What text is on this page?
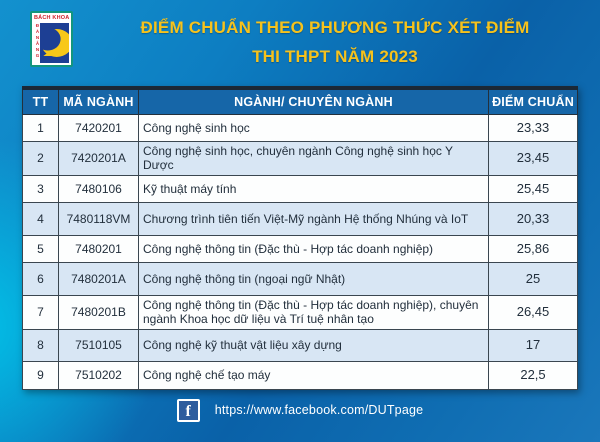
BÁCH KHOA
ĐÀNẴNG	ĐIỂM CHUẨN THEO PHƯƠNG THỨC XÉT ĐIỂM
THI THPT NĂM 2023
TT	MÃ NGÀNH	NGÀNH/ CHUYÊN NGÀNH	ĐIỂM CHUẨN
1	7420201	Công nghệ sinh học	23,33
2	7420201A	Công nghệ sinh học, chuyên ngành Công nghệ sinh học Y Dược	23,45
3	7480106	Kỹ thuật máy tính	25,45
4	7480118VM	Chương trình tiên tiến Việt-Mỹ ngành Hệ thống Nhúng và IoT	20,33
5	7480201	Công nghệ thông tin (Đặc thù - Hợp tác doanh nghiệp)	25,86
6	7480201A	Công nghệ thông tin (ngoại ngữ Nhật)	25
7	7480201B	Công nghệ thông tin (Đặc thù - Hợp tác doanh nghiệp), chuyên ngành Khoa học dữ liệu và Trí tuệ nhân tạo	26,45
8	7510105	Công nghệ kỹ thuật vật liệu xây dựng	17
9	7510202	Công nghệ chế tạo máy	22,5
f	https://www.facebook.com/DUTpage
